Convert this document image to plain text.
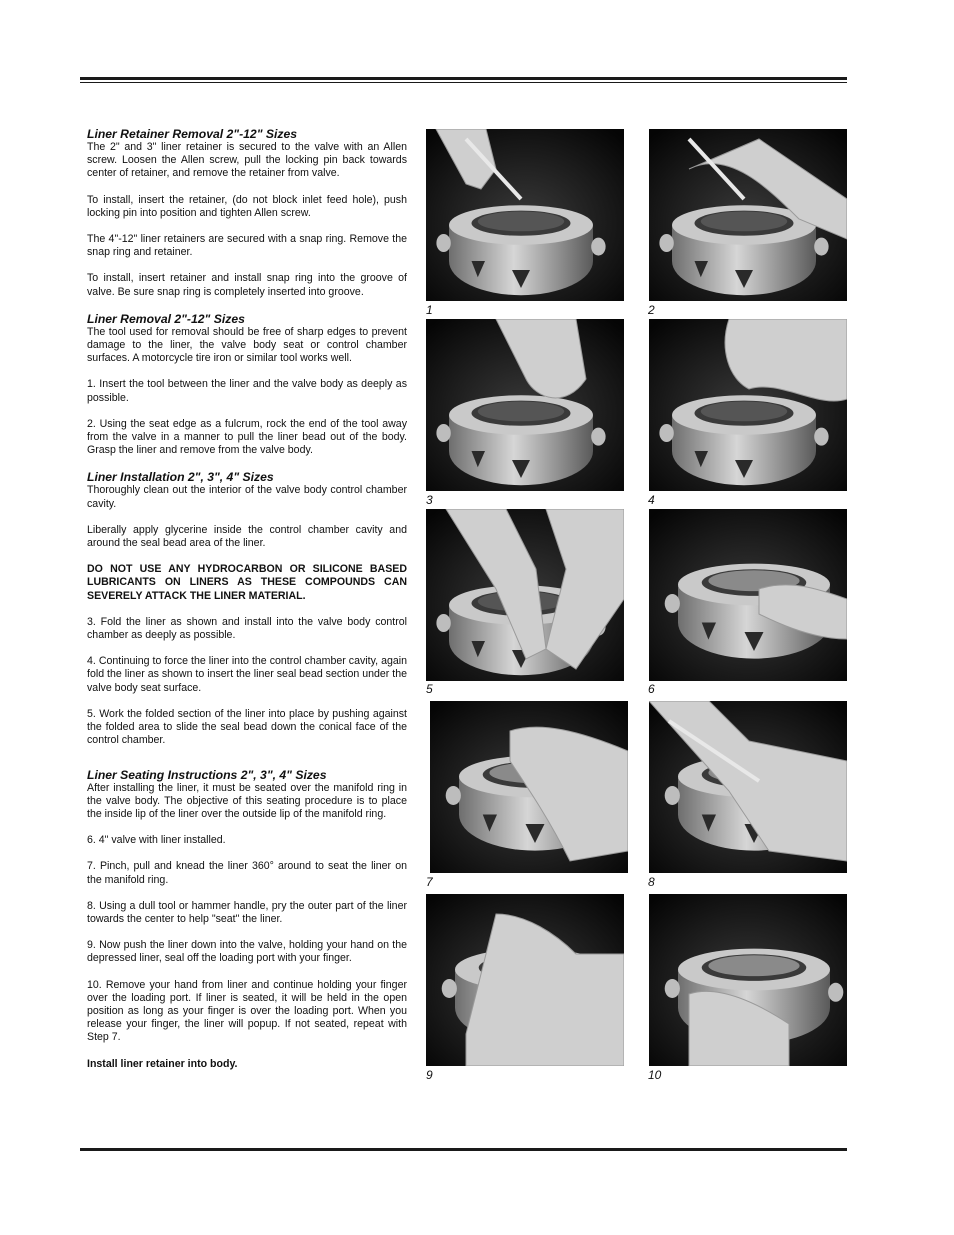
Liner Retainer Removal 2"-12" Sizes

The 2" and 3" liner retainer is secured to the valve with an Allen screw. Loosen the Allen screw, pull the locking pin back towards center of retainer, and remove the retainer from valve.

To install, insert the retainer, (do not block inlet feed hole), push locking pin into position and tighten Allen screw.

The 4"-12" liner retainers are secured with a snap ring. Remove the snap ring and retainer.

To install, insert retainer and install snap ring into the groove of valve. Be sure snap ring is completely inserted into groove.

Liner Removal 2"-12" Sizes

The tool used for removal should be free of sharp edges to prevent damage to the liner, the valve body seat or control chamber surfaces. A motorcycle tire iron or similar tool works well.

1. Insert the tool between the liner and the valve body as deeply as possible.

2. Using the seat edge as a fulcrum, rock the end of the tool away from the valve in a manner to pull the liner bead out of the body. Grasp the liner and remove from the valve body.

Liner Installation 2", 3", 4" Sizes

Thoroughly clean out the interior of the valve body control chamber cavity.

Liberally apply glycerine inside the control chamber cavity and around the seal bead area of the liner.

DO NOT USE ANY HYDROCARBON OR SILICONE BASED LUBRICANTS ON LINERS AS THESE COMPOUNDS CAN SEVERELY ATTACK THE LINER MATERIAL.

3. Fold the liner as shown and install into the valve body control chamber as deeply as possible.

4. Continuing to force the liner into the control chamber cavity, again fold the liner as shown to insert the liner seal bead section under the valve body seat surface.

5. Work the folded section of the liner into place by pushing against the folded area to slide the seal bead down the conical face of the control chamber.

Liner Seating Instructions 2", 3", 4" Sizes

After installing the liner, it must be seated over the manifold ring in the valve body. The objective of this seating procedure is to place the inside lip of the liner over the outside lip of the manifold ring.

6. 4" valve with liner installed.

7. Pinch, pull and knead the liner 360° around to seat the liner on the manifold ring.

8. Using a dull tool or hammer handle, pry the outer part of the liner towards the center to help "seat" the liner.

9. Now push the liner down into the valve, holding your hand on the depressed liner, seal off the loading port with your finger.

10. Remove your hand from liner and continue holding your finger over the loading port. If liner is seated, it will be held in the open position as long as your finger is over the loading port. When you release your finger, the liner will popup. If not seated, repeat with Step 7.

Install liner retainer into body.

1	2
3	4
5	6
7	8
9	10
